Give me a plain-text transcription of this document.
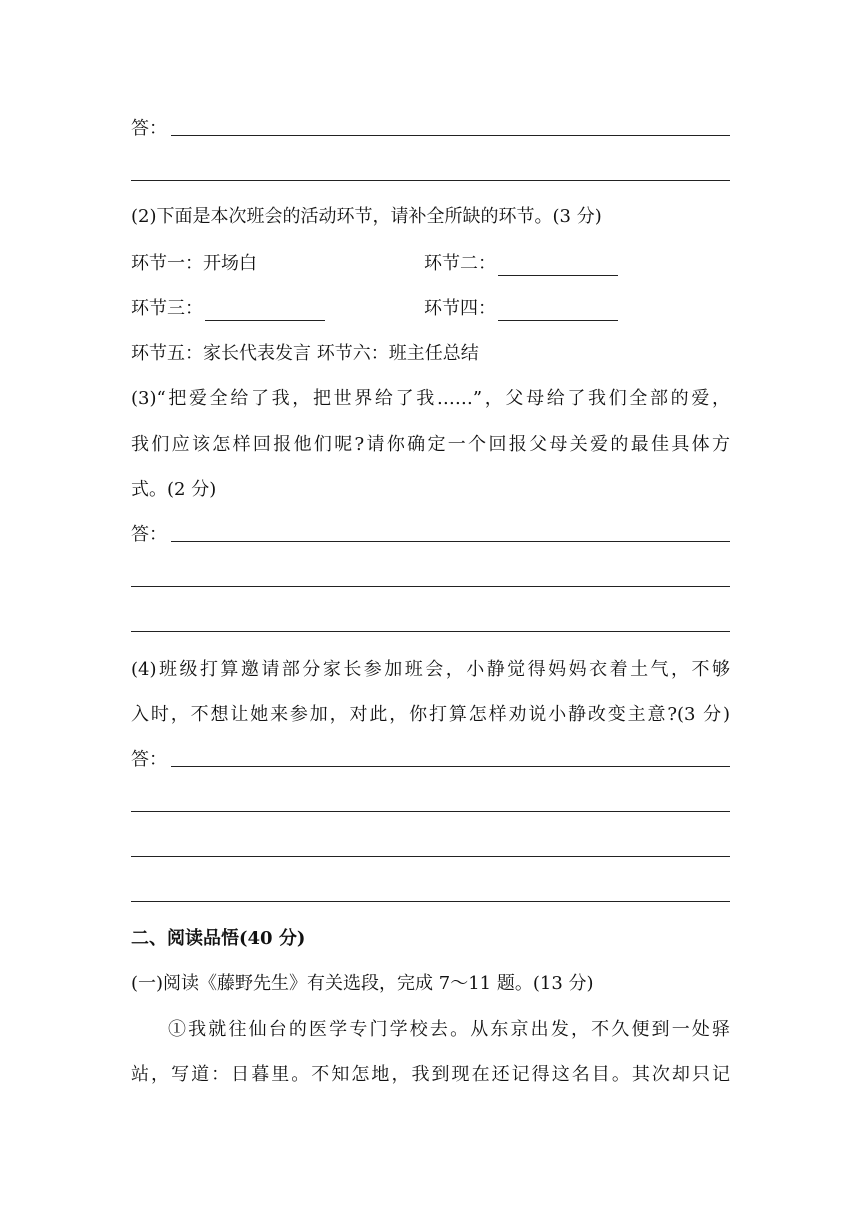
答：
(2)下面是本次班会的活动环节，请补全所缺的环节。(3 分)
环节一：开场白	环节二：
环节三：	环节四：
环节五：家长代表发言 环节六：班主任总结
(3)“把爱全给了我，把世界给了我……”，父母给了我们全部的爱，
我们应该怎样回报他们呢?请你确定一个回报父母关爱的最佳具体方
式。(2 分)
答：
(4)班级打算邀请部分家长参加班会，小静觉得妈妈衣着土气，不够
入时，不想让她来参加，对此，你打算怎样劝说小静改变主意?(3 分)
答：
二、阅读品悟(40 分)
(一)阅读《藤野先生》有关选段，完成 7～11 题。(13 分)
①我就往仙台的医学专门学校去。从东京出发，不久便到一处驿
站，写道：日暮里。不知怎地，我到现在还记得这名目。其次却只记
